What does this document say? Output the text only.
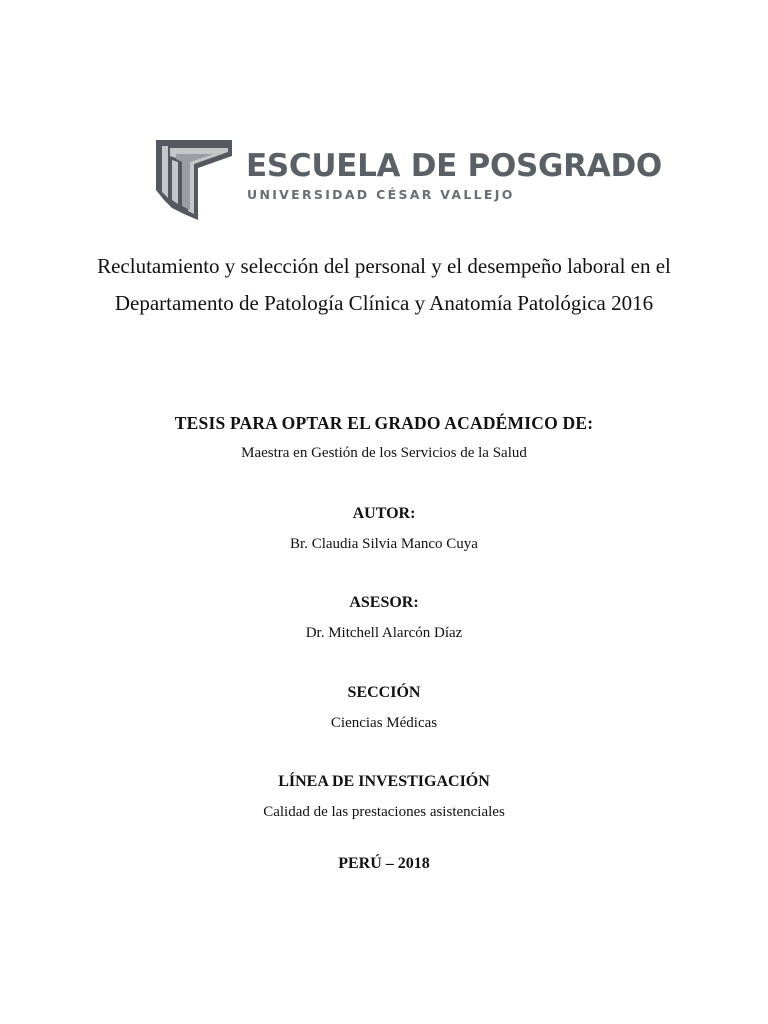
ESCUELA DE POSGRADO
UNIVERSIDAD CÉSAR VALLEJO
Reclutamiento y selección del personal y el desempeño laboral en el Departamento de Patología Clínica y Anatomía Patológica 2016
TESIS PARA OPTAR EL GRADO ACADÉMICO DE:
Maestra en Gestión de los Servicios de la Salud
AUTOR:
Br. Claudia Silvia Manco Cuya
ASESOR:
Dr. Mitchell Alarcón Díaz
SECCIÓN
Ciencias Médicas
LÍNEA DE INVESTIGACIÓN
Calidad de las prestaciones asistenciales
PERÚ – 2018
